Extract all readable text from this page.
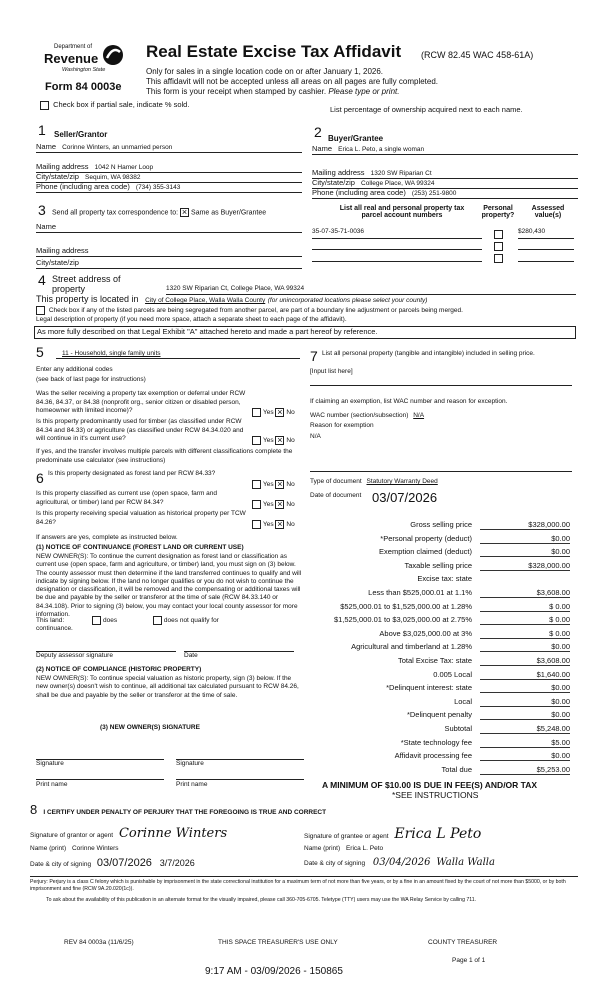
Department of
Revenue
Washington State
Form 84 0003e
Real Estate Excise Tax Affidavit (RCW 82.45 WAC 458-61A)
Only for sales in a single location code on or after January 1, 2026.
This affidavit will not be accepted unless all areas on all pages are fully completed.
This form is your receipt when stamped by cashier. Please type or print.
Check box if partial sale, indicate % sold.
List percentage of ownership acquired next to each name.
1 Seller/Grantor
Name Corinne Winters, an unmarried person
Mailing address 1042 N Hamer Loop
City/state/zip Sequim, WA 98382
Phone (including area code) (734) 355-3143
2 Buyer/Grantee
Name Erica L. Peto, a single woman
Mailing address 1320 SW Riparian Ct
City/state/zip College Place, WA 99324
Phone (including area code) (253) 251-9800
3 Send all property tax correspondence to: × Same as Buyer/Grantee
Name
Mailing address
City/state/zip
List all real and personal property tax
parcel account numbers
Personal property?
Assessed value(s)
35-07-35-71-0036	$280,430
4 Street address of
property	1320 SW Riparian Ct, College Place, WA 99324
This property is located in City of College Place, Walla Walla County (for unincorporated locations please select your county)
Check box if any of the listed parcels are being segregated from another parcel, are part of a boundary line adjustment or parcels being merged.
Legal description of property (if you need more space, attach a separate sheet to each page of the affidavit).
As more fully described on that Legal Exhibit "A" attached hereto and made a part hereof by reference.
5	11 - Household, single family units
Enter any additional codes
(see back of last page for instructions)
Was the seller receiving a property tax exemption or deferral under RCW 84.36, 84.37, or 84.38 (nonprofit org., senior citizen or disabled person, homeowner with limited income)?	Yes × No
Is this property predominantly used for timber (as classified under RCW 84.34 and 84.33) or agriculture (as classified under RCW 84.34.020 and will continue in it's current use?	Yes × No
If yes, and the transfer involves multiple parcels with different classifications complete the predominate use calculator (see instructions)
7 List all personal property (tangible and intangible) included in selling price.
[Input list here]
If claiming an exemption, list WAC number and reason for exception.
WAC number (section/subsection) N/A
Reason for exemption
N/A
6 Is this property designated as forest land per RCW 84.33?
Yes × No
Is this property classified as current use (open space, farm and agricultural, or timber) land per RCW 84.34?	Yes × No
Is this property receiving special valuation as historical property per TCW 84.26?	Yes × No
If answers are yes, complete as instructed below.
(1) NOTICE OF CONTINUANCE (FOREST LAND OR CURRENT USE)
NEW OWNER(S): To continue the current designation as forest land or classification as current use (open space, farm and agriculture, or timber) land, you must sign on (3) below. The county assessor must then determine if the land transferred continues to qualify and will indicate by signing below. If the land no longer qualifies or you do not wish to continue the designation or classification, it will be removed and the compensating or additional taxes will be due and payable by the seller or transferor at the time of sale (RCW 84.33.140 or 84.34.108). Prior to signing (3) below, you may contact your local county assessor for more information.
This land:	does	does not qualify for
continuance.
Deputy assessor signature	Date
(2) NOTICE OF COMPLIANCE (HISTORIC PROPERTY)
NEW OWNER(S): To continue special valuation as historic property, sign (3) below. If the new owner(s) doesn't wish to continue, all additional tax calculated pursuant to RCW 84.26, shall be due and payable by the seller or transferor at the time of sale.
(3) NEW OWNER(S) SIGNATURE
Signature	Signature
Print name	Print name
Type of document Statutory Warranty Deed
Date of document 03/07/2026
Gross selling price	$328,000.00
*Personal property (deduct)	$0.00
Exemption claimed (deduct)	$0.00
Taxable selling price	$328,000.00
Excise tax: state
Less than $525,000.01 at 1.1%	$3,608.00
$525,000.01 to $1,525,000.00 at 1.28%	$ 0.00
$1,525,000.01 to $3,025,000.00 at 2.75%	$ 0.00
Above $3,025,000.00 at 3%	$ 0.00
Agricultural and timberland at 1.28%	$0.00
Total Excise Tax: state	$3,608.00
0.005 Local	$1,640.00
*Delinquent interest: state	$0.00
Local	$0.00
*Delinquent penalty	$0.00
Subtotal	$5,248.00
*State technology fee	$5.00
Affidavit processing fee	$0.00
Total due	$5,253.00
A MINIMUM OF $10.00 IS DUE IN FEE(S) AND/OR TAX
*SEE INSTRUCTIONS
8 I CERTIFY UNDER PENALTY OF PERJURY THAT THE FOREGOING IS TRUE AND CORRECT
Signature of grantor or agent Corinne Winters
Name (print) Corinne Winters
Date & city of signing 03/07/2026 3/7/2026
Signature of grantee or agent Erica L Peto
Name (print) Erica L. Peto
Date & city of signing 03/04/2026 Walla Walla
Perjury: Perjury is a class C felony which is punishable by imprisonment in the state correctional institution for a maximum term of not more than five years, or by a fine in an amount fixed by the court of not more than $5000, or by both imprisonment and fine (RCW 9A.20.020(1c)).
To ask about the availability of this publication in an alternate format for the visually impaired, please call 360-705-6705. Teletype (TTY) users may use the WA Relay Service by calling 711.
REV 84 0003a (11/6/25)	THIS SPACE TREASURER'S USE ONLY	COUNTY TREASURER
Page 1 of 1
9:17 AM - 03/09/2026 - 150865
